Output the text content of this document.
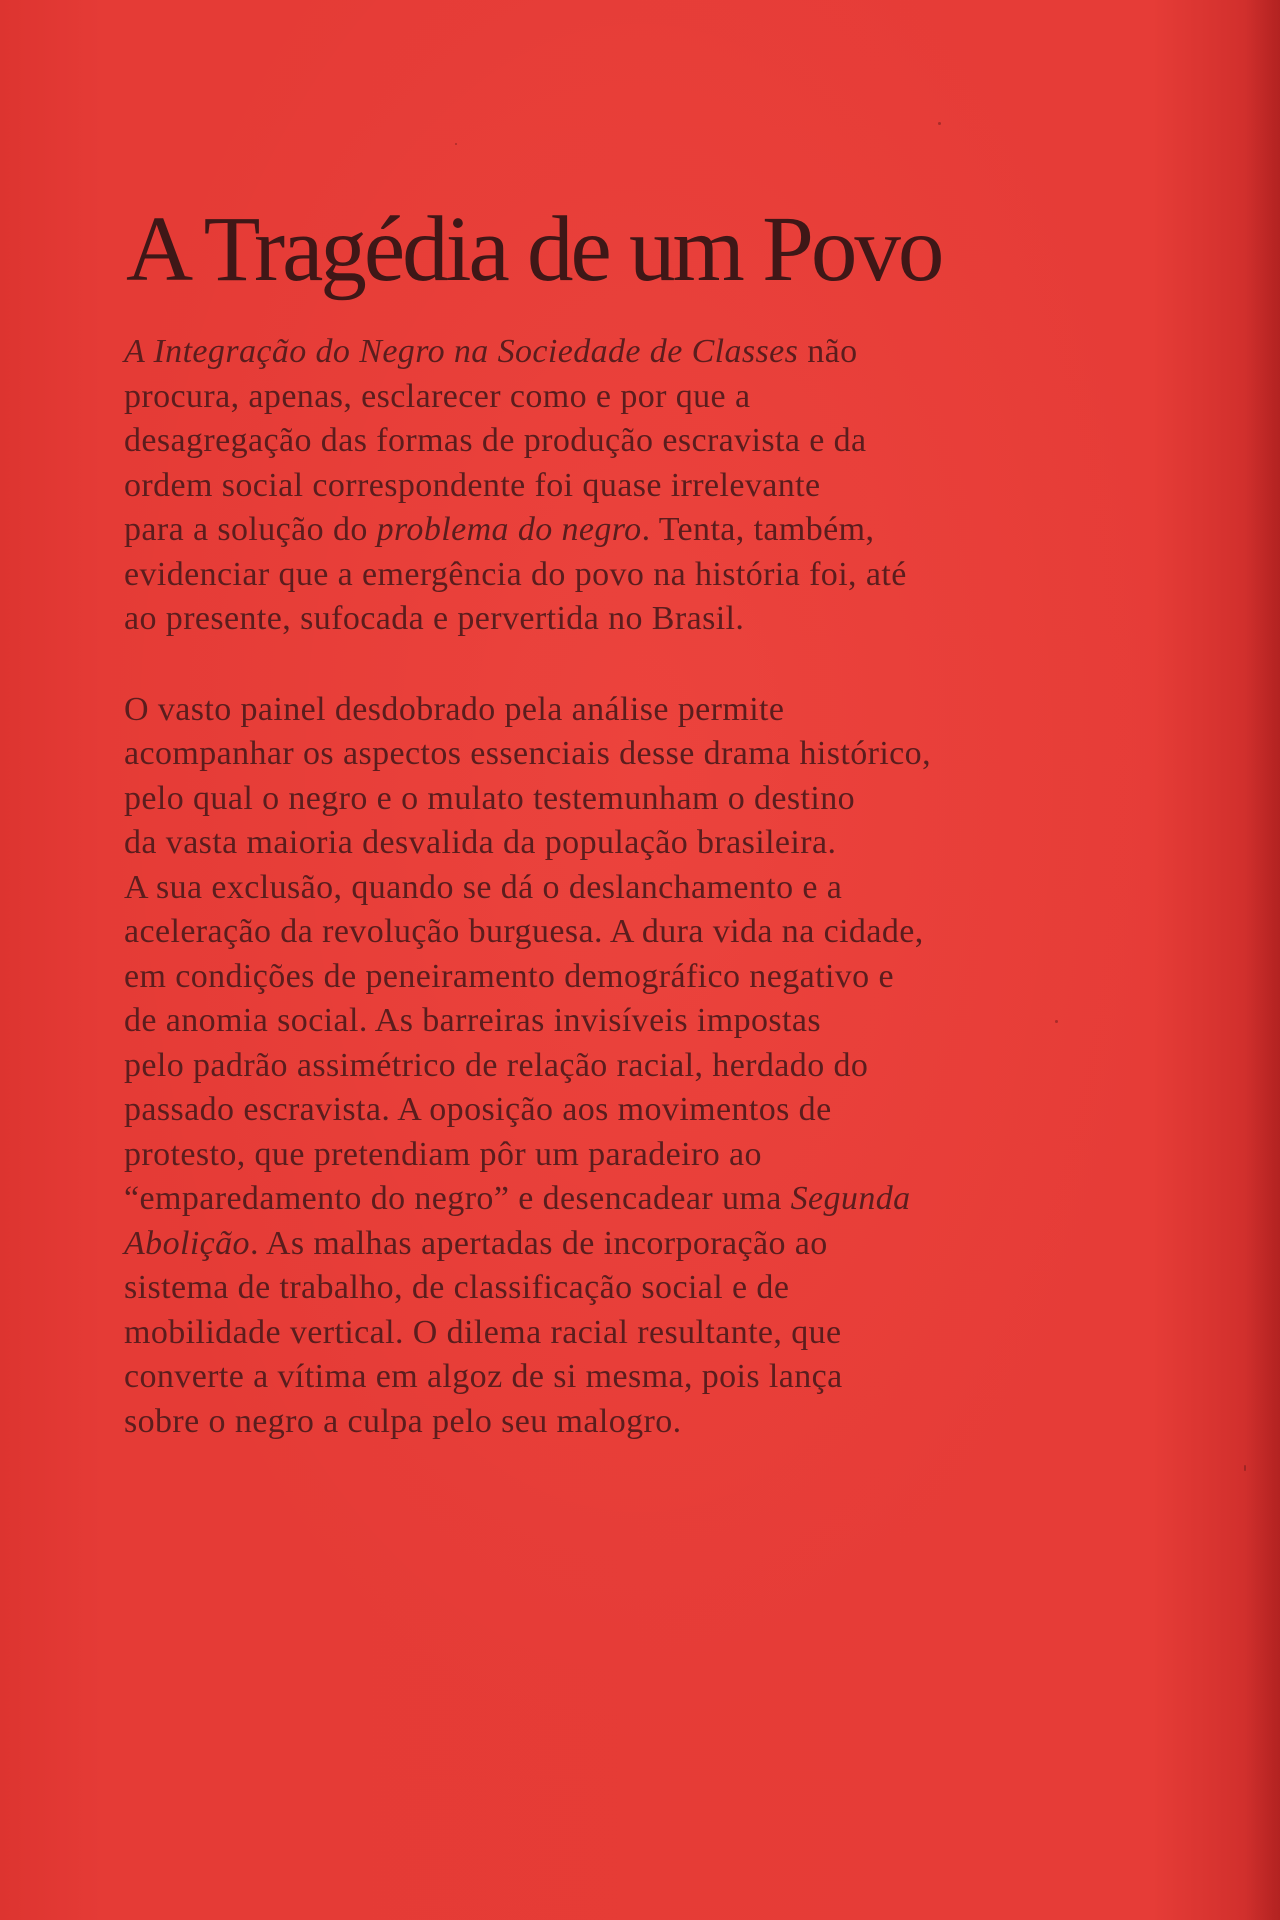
A Tragédia de um Povo

A Integração do Negro na Sociedade de Classes não
procura, apenas, esclarecer como e por que a
desagregação das formas de produção escravista e da
ordem social correspondente foi quase irrelevante
para a solução do problema do negro. Tenta, também,
evidenciar que a emergência do povo na história foi, até
ao presente, sufocada e pervertida no Brasil.

O vasto painel desdobrado pela análise permite
acompanhar os aspectos essenciais desse drama histórico,
pelo qual o negro e o mulato testemunham o destino
da vasta maioria desvalida da população brasileira.
A sua exclusão, quando se dá o deslanchamento e a
aceleração da revolução burguesa. A dura vida na cidade,
em condições de peneiramento demográfico negativo e
de anomia social. As barreiras invisíveis impostas
pelo padrão assimétrico de relação racial, herdado do
passado escravista. A oposição aos movimentos de
protesto, que pretendiam pôr um paradeiro ao
“emparedamento do negro” e desencadear uma Segunda
Abolição. As malhas apertadas de incorporação ao
sistema de trabalho, de classificação social e de
mobilidade vertical. O dilema racial resultante, que
converte a vítima em algoz de si mesma, pois lança
sobre o negro a culpa pelo seu malogro.
